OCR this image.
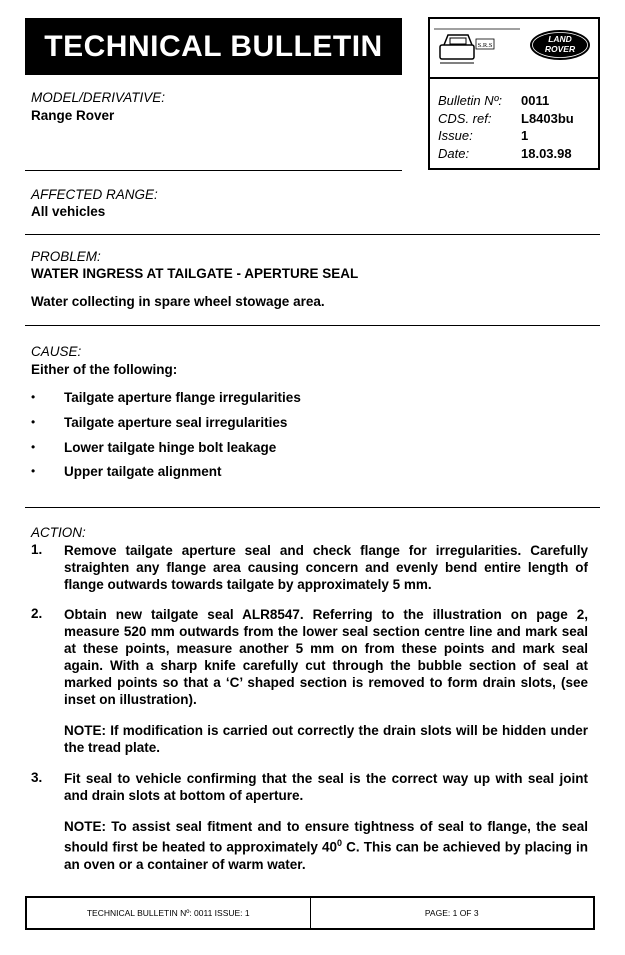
TECHNICAL BULLETIN	S.R.S
LAND
ROVER
Bulletin Nº:	0011
CDS. ref:	L8403bu
Issue:	1
Date:	18.03.98
MODEL/DERIVATIVE:
Range Rover
AFFECTED RANGE:
All vehicles
PROBLEM:
WATER INGRESS AT TAILGATE - APERTURE SEAL
Water collecting in spare wheel stowage area.
CAUSE:
Either of the following:
• Tailgate aperture flange irregularities
• Tailgate aperture seal irregularities
• Lower tailgate hinge bolt leakage
• Upper tailgate alignment
ACTION:
1. Remove tailgate aperture seal and check flange for irregularities. Carefully straighten any flange area causing concern and evenly bend entire length of flange outwards towards tailgate by approximately 5 mm.
2. Obtain new tailgate seal ALR8547. Referring to the illustration on page 2, measure 520 mm outwards from the lower seal section centre line and mark seal at these points, measure another 5 mm on from these points and mark seal again. With a sharp knife carefully cut through the bubble section of seal at marked points so that a ‘C’ shaped section is removed to form drain slots, (see inset on illustration).
NOTE: If modification is carried out correctly the drain slots will be hidden under the tread plate.
3. Fit seal to vehicle confirming that the seal is the correct way up with seal joint and drain slots at bottom of aperture.
NOTE: To assist seal fitment and to ensure tightness of seal to flange, the seal should first be heated to approximately $40^0$ C. This can be achieved by placing in an oven or a container of warm water.
TECHNICAL BULLETIN Nº: 0011 ISSUE: 1	PAGE: 1 OF 3
